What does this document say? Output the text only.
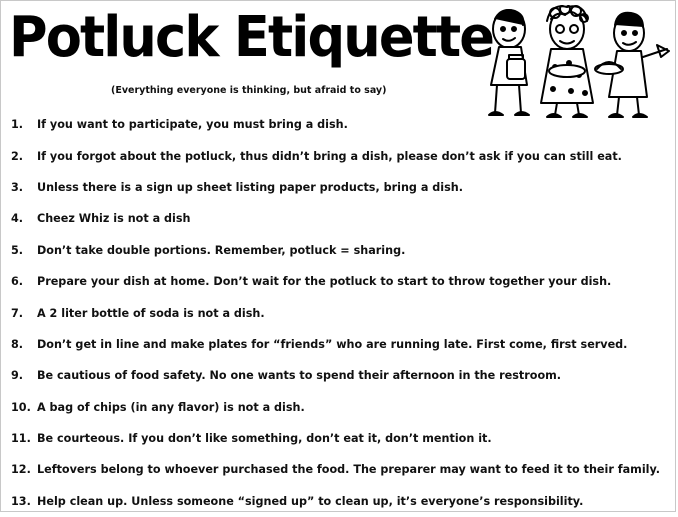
Potluck Etiquette
(Everything everyone is thinking, but afraid to say)
1.	If you want to participate, you must bring a dish.
2.	If you forgot about the potluck, thus didn’t bring a dish, please don’t ask if you can still eat.
3.	Unless there is a sign up sheet listing paper products, bring a dish.
4.	Cheez Whiz is not a dish
5.	Don’t take double portions. Remember, potluck = sharing.
6.	Prepare your dish at home. Don’t wait for the potluck to start to throw together your dish.
7.	A 2 liter bottle of soda is not a dish.
8.	Don’t get in line and make plates for “friends” who are running late. First come, first served.
9.	Be cautious of food safety. No one wants to spend their afternoon in the restroom.
10. A bag of chips (in any flavor) is not a dish.
11. Be courteous. If you don’t like something, don’t eat it, don’t mention it.
12. Leftovers belong to whoever purchased the food. The preparer may want to feed it to their family.
13. Help clean up. Unless someone “signed up” to clean up, it’s everyone’s responsibility.
